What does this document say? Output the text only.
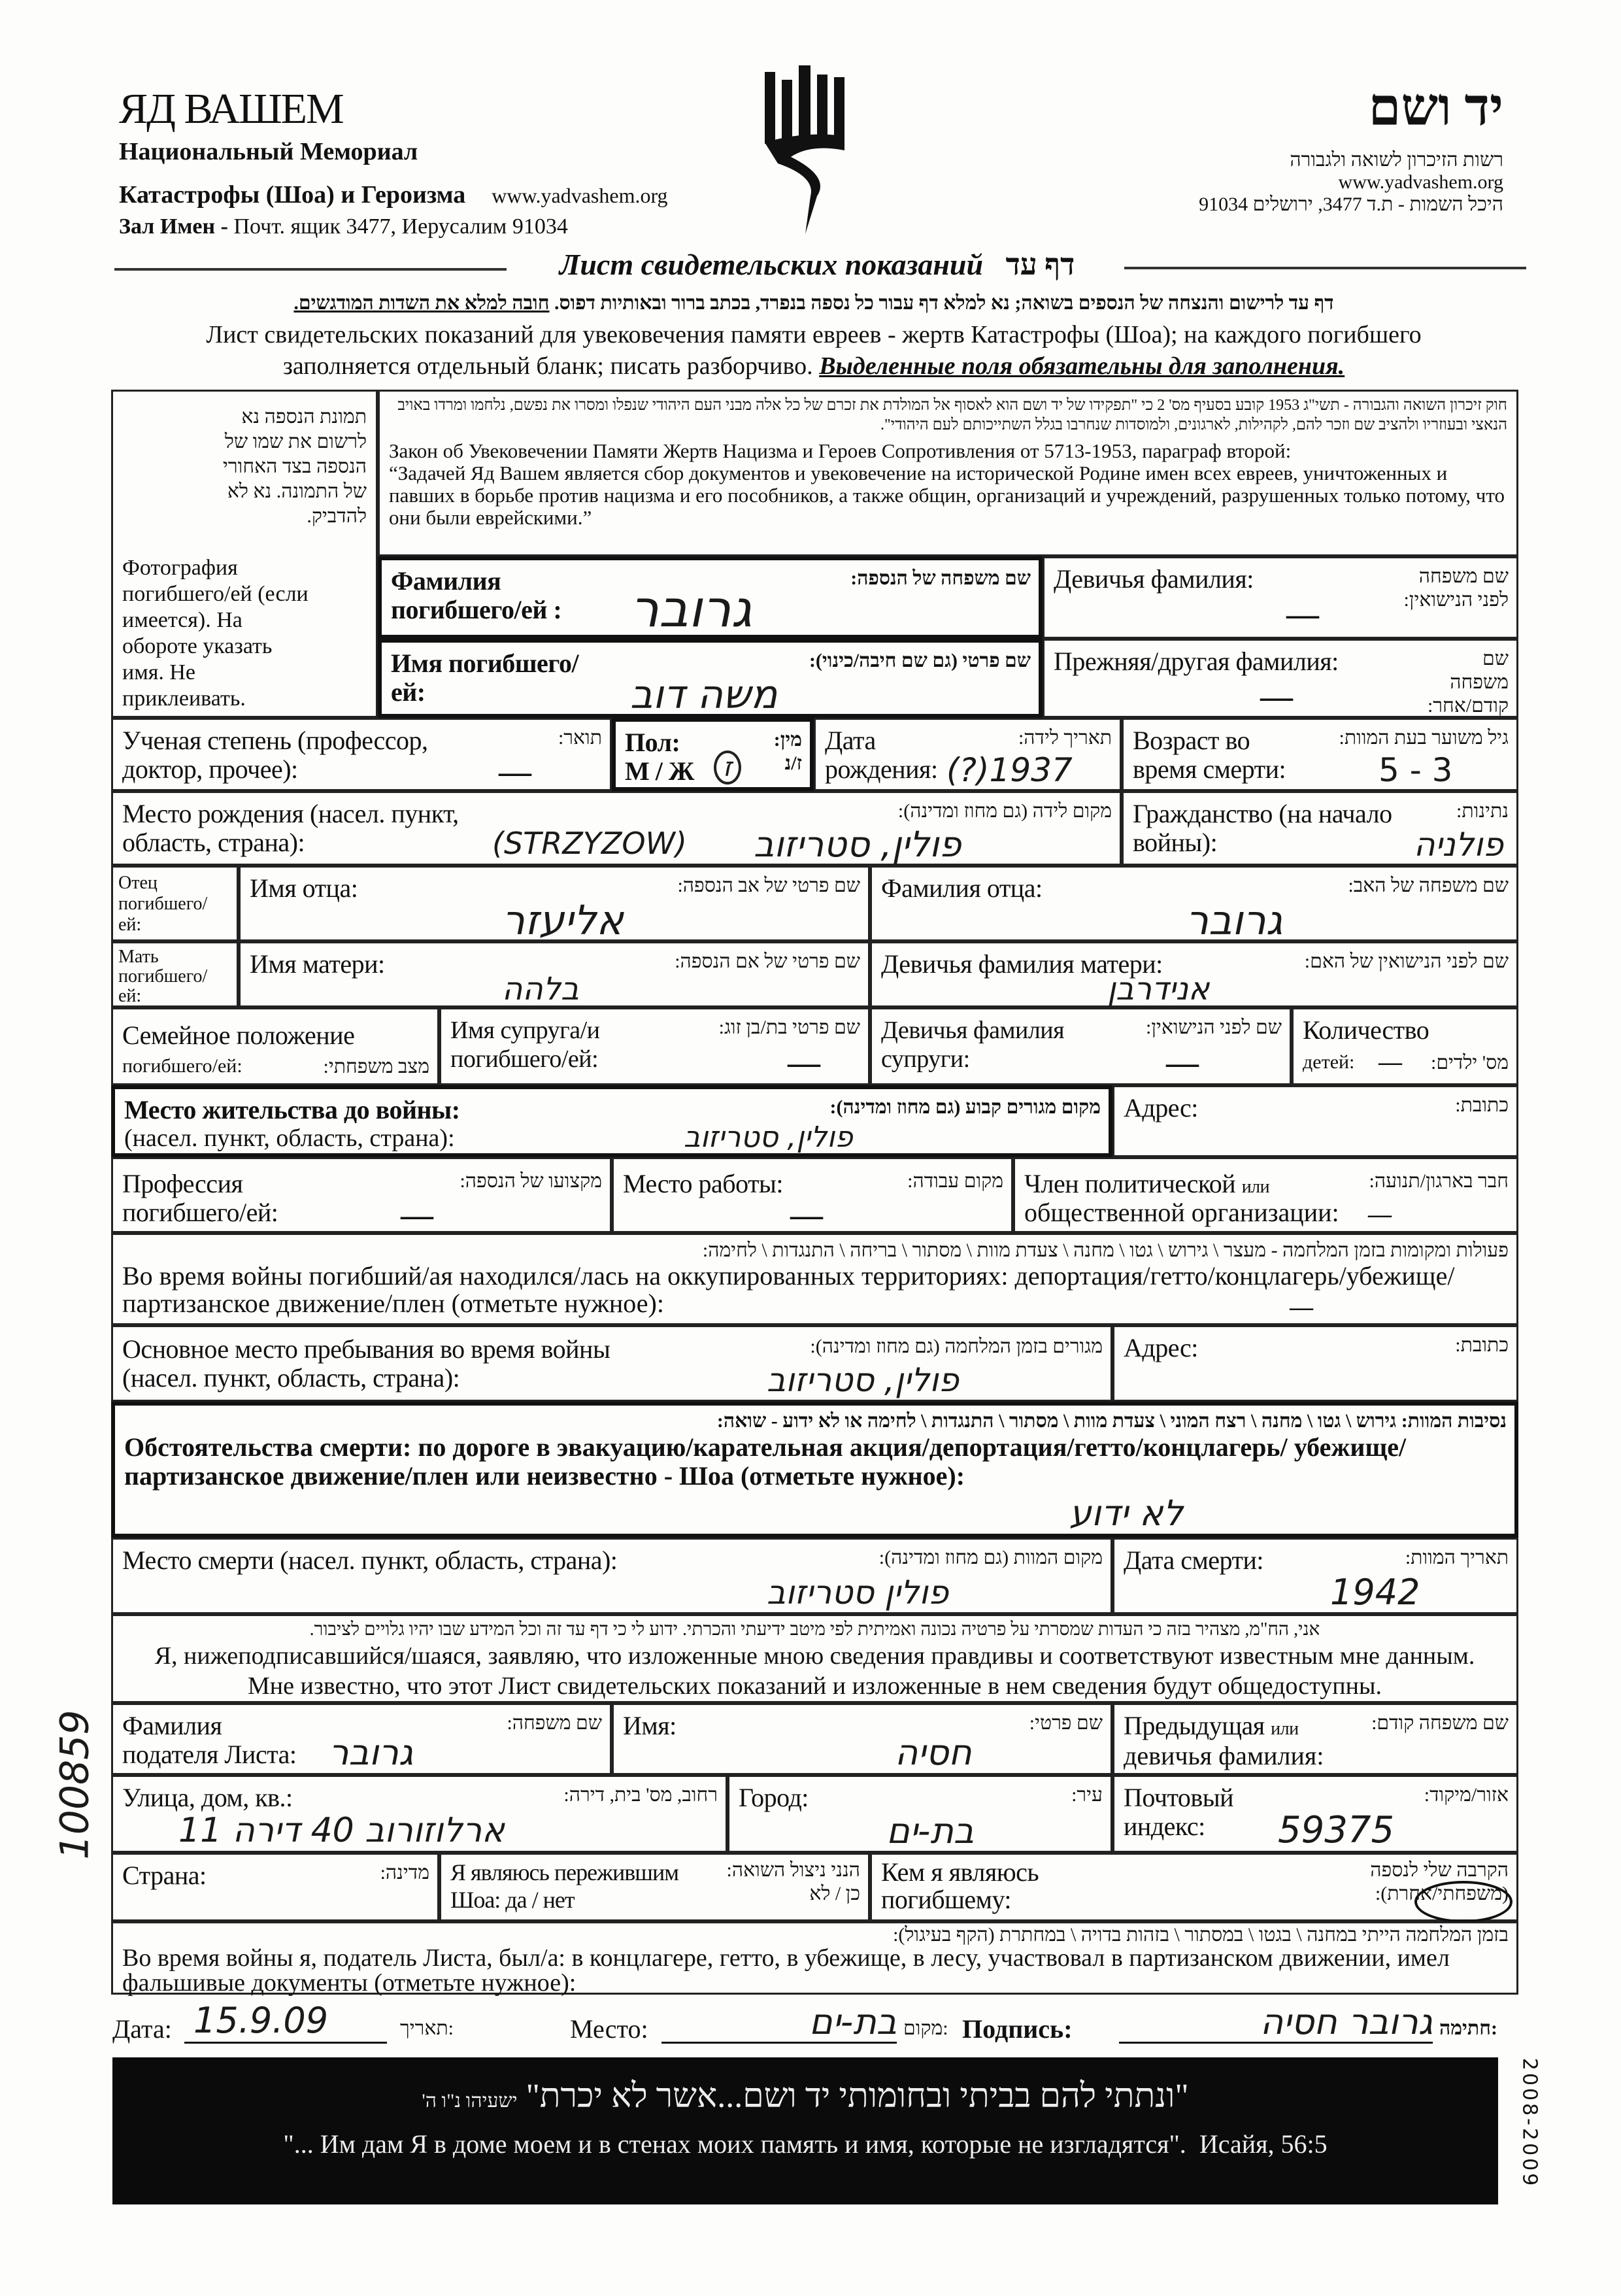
ЯД ВАШЕМ
Национальный Мемориал
Катастрофы (Шоа) и Героизма www.yadvashem.org
Зал Имен - Почт. ящик 3477, Иерусалим 91034
יד ושם
רשות הזיכרון לשואה ולגבורה
www.yadvashem.org
היכל השמות - ת.ד 3477, ירושלים 91034
Лист свидетельских показаний דף עד
דף עד לרישום והנצחה של הנספים בשואה; נא למלא דף עבור כל נספה בנפרד, בכתב ברור ובאותיות דפוס. חובה למלא את השדות המודגשים.
Лист свидетельских показаний для увековечения памяти евреев - жертв Катастрофы (Шоа); на каждого погибшего
заполняется отдельный бланк; писать разборчиво. Выделенные поля обязательны для заполнения.
תמונת הנספה נא לרשום את שמו של הנספה בצד האחורי של התמונה. נא לא להדביק.
Фотография погибшего/ей (если имеется). На обороте указать имя. Не приклеивать.
חוק זיכרון השואה והגבורה - תשי"ג 1953 קובע בסעיף מס' 2 כי "תפקידו של יד ושם הוא לאסוף אל המולדת את זכרם של כל אלה מבני העם היהודי שנפלו ומסרו את נפשם, נלחמו ומרדו באויב הנאצי ובעוזריו ולהציב שם וזכר להם, לקהילות, לארגונים, ולמוסדות שנחרבו בגלל השתייכותם לעם היהודי".
Закон об Увековечении Памяти Жертв Нацизма и Героев Сопротивления от 5713-1953, параграф второй:
“Задачей Яд Вашем является сбор документов и увековечение на исторической Родине имен всех евреев, уничтоженных и павших в борьбе против нацизма и его пособников, а также общин, организаций и учреждений, разрушенных только потому, что они были еврейскими.”
Фамилия погибшего/ей :
שם משפחה של הנספה:
גרובר
Девичья фамилия:	שם משפחה לפני הנישואין:
—
Имя погибшего/ей:
שם פרטי (גם שם חיבה/כינוי):
משה דוב
Прежняя/другая фамилия:	שם משפחה קודם/אחר:
—
Ученая степень (профессор, доктор, прочее):
תואר:
—
Пол: М / Ж
מין: ז/נ
ז
Дата рождения:
תאריך לידה:
(?)1937
Возраст во время смерти:
גיל משוער בעת המוות:
5 - 3
Место рождения (насел. пункт, область, страна):
מקום לידה (גם מחוז ומדינה):
(STRZYZOW) פולין, סטריזוב
Гражданство (на начало войны):
נתינות:
פולניה
Отец погибшего/ей:
Имя отца:	שם פרטי של אב הנספה:
אליעזר
Фамилия отца:	שם משפחה של האב:
גרובר
Мать погибшего/ей:
Имя матери:	שם פרטי של אם הנספה:
בלהה
Девичья фамилия матери:	שם לפני הנישואין של האם:
אנידרבן
Семейное положение
погибшего/ей:	מצב משפחתי:
Имя супруга/и погибшего/ей:
שם פרטי בת/בן זוג:
—
Девичья фамилия супруги:
שם לפני הנישואין:
—
Количество
детей:	מס' ילדים:
—
Место жительства до войны:
(насел. пункт, область, страна):
מקום מגורים קבוע (גם מחוז ומדינה):
פולין, סטריזוב
Адрес:	כתובת:
Профессия погибшего/ей:
מקצועו של הנספה:
—
Место работы:	מקום עבודה:
—
Член политической или
общественной организации:
חבר בארגון/תנועה:
—
פעולות ומקומות בזמן המלחמה - מעצר \ גירוש \ גטו \ מחנה \ צעדת מוות \ מסתור \ בריחה \ התנגדות \ לחימה:
Во время войны погибший/ая находился/лась на оккупированных территориях: депортация/гетто/концлагерь/убежище/ партизанское движение/плен (отметьте нужное):	—
Основное место пребывания во время войны (насел. пункт, область, страна):
מגורים בזמן המלחמה (גם מחוז ומדינה):
פולין, סטריזוב
Адрес:	כתובת:
נסיבות המוות: גירוש \ גטו \ מחנה \ רצח המוני \ צעדת מוות \ מסתור \ התנגדות \ לחימה או לא ידוע - שואה:
Обстоятельства смерти: по дороге в эвакуацию/карательная акция/депортация/гетто/концлагерь/ убежище/партизанское движение/плен или неизвестно - Шоа (отметьте нужное):
לא ידוע
Место смерти (насел. пункт, область, страна):	מקום המוות (גם מחוז ומדינה):
פולין סטריזוב
Дата смерти:	תאריך המוות:
1942
אני, הח"מ, מצהיר בזה כי העדות שמסרתי על פרטיה נכונה ואמיתית לפי מיטב ידיעתי והכרתי. ידוע לי כי דף עד זה וכל המידע שבו יהיו גלויים לציבור.
Я, нижеподписавшийся/шаяся, заявляю, что изложенные мною сведения правдивы и соответствуют известным мне данным. Мне известно, что этот Лист свидетельских показаний и изложенные в нем сведения будут общедоступны.
Фамилия подателя Листа:
שם משפחה:
גרובר
Имя:	שם פרטי:
חסיה
Предыдущая или
девичья фамилия:
שם משפחה קודם:
Улица, дом, кв.:	רחוב, מס' בית, דירה:
ארלוזורוב 40 דירה 11
Город:	עיר:
בת-ים
Почтовый индекс:
אזור/מיקוד:
59375
Страна:	מדינה: Я являюсь пережившим Шоа: да / нет
הנני ניצול השואה: כן / לא
Кем я являюсь погибшему:
הקרבה שלי לנספה (משפחתי/אחרת):
בזמן המלחמה הייתי במחנה \ בגטו \ במסתור \ בזהות בדויה \ במחתרת (הקף בעיגול):
Во время войны я, податель Листа, был/а: в концлагере, гетто, в убежище, в лесу, участвовал в партизанском движении, имел фальшивые документы (отметьте нужное):
Дата: 15.9.09	תאריך:	Место:	בת-ים מקום: Подпись:	גרובר חסיה חתימה:
"ונתתי להם בביתי ובחומותי יד ושם...אשר לא יכרת" ישעיהו נ"ו ה'
"... Им дам Я в доме моем и в стенах моих память и имя, которые не изгладятся". Исайя, 56:5
100859
2008-2009
